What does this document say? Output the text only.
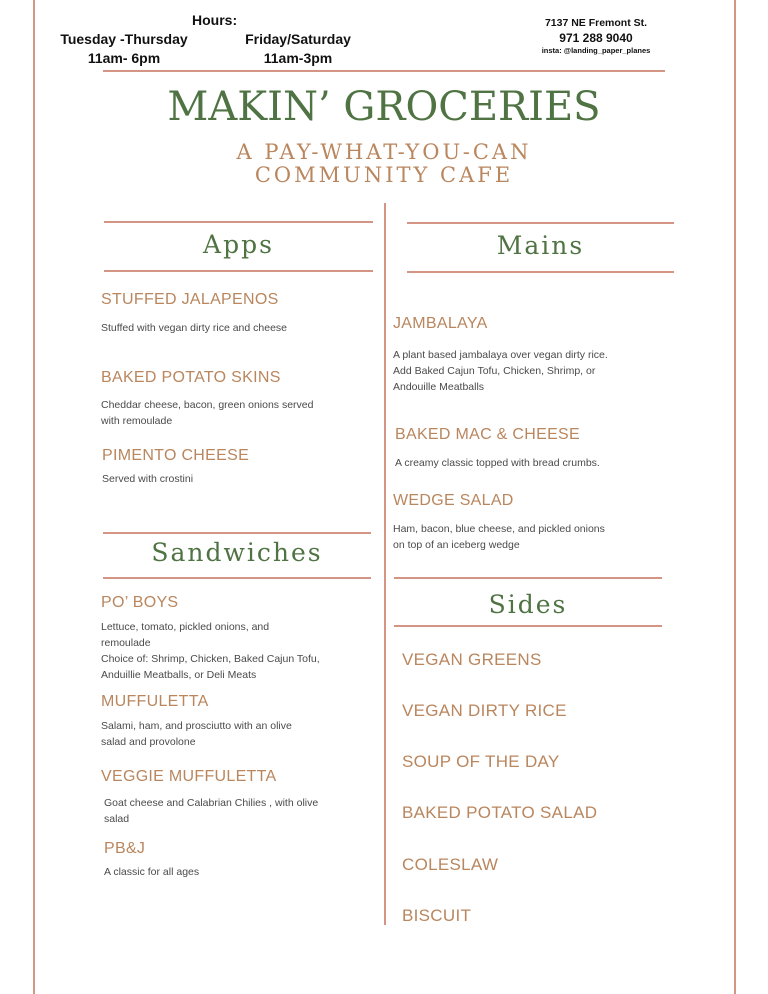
Hours:
Tuesday -Thursday
11am- 6pm
Friday/Saturday
11am-3pm
7137 NE Fremont St.
971 288 9040
insta: @landing_paper_planes
MAKIN’ GROCERIES
A PAY-WHAT-YOU-CAN
COMMUNITY CAFE
Apps	Mains
STUFFED JALAPENOS
Stuffed with vegan dirty rice and cheese
BAKED POTATO SKINS
Cheddar cheese, bacon, green onions served
with remoulade
PIMENTO CHEESE
Served with crostini
JAMBALAYA
A plant based jambalaya over vegan dirty rice.
Add Baked Cajun Tofu, Chicken, Shrimp, or
Andouille Meatballs
BAKED MAC & CHEESE
A creamy classic topped with bread crumbs.
WEDGE SALAD
Ham, bacon, blue cheese, and pickled onions
on top of an iceberg wedge
Sandwiches
Sides
PO’ BOYS
Lettuce, tomato, pickled onions, and
remoulade
Choice of: Shrimp, Chicken, Baked Cajun Tofu,
Anduillie Meatballs, or Deli Meats
MUFFULETTA
Salami, ham, and prosciutto with an olive
salad and provolone
VEGGIE MUFFULETTA
Goat cheese and Calabrian Chilies , with olive
salad
PB&J
A classic for all ages
VEGAN GREENS
VEGAN DIRTY RICE
SOUP OF THE DAY
BAKED POTATO SALAD
COLESLAW
BISCUIT
